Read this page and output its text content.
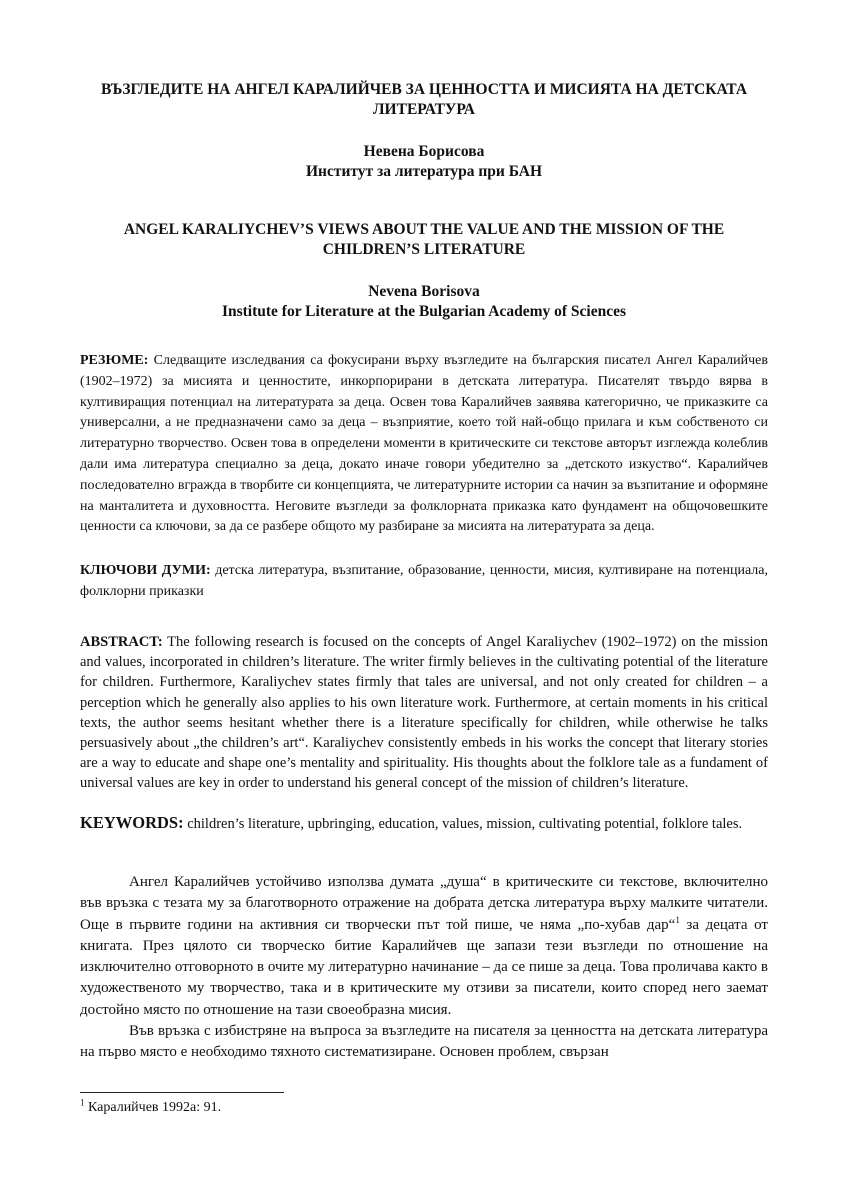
ВЪЗГЛЕДИТЕ НА АНГЕЛ КАРАЛИЙЧЕВ ЗА ЦЕННОСТТА И МИСИЯТА НА ДЕТСКАТА ЛИТЕРАТУРА
Невена Борисова
Институт за литература при БАН
ANGEL KARALIYCHEV’S VIEWS ABOUT THE VALUE AND THE MISSION OF THE CHILDREN’S LITERATURE
Nevena Borisova
Institute for Literature at the Bulgarian Academy of Sciences
РЕЗЮМЕ: Следващите изследвания са фокусирани върху възгледите на българския писател Ангел Каралийчев (1902–1972) за мисията и ценностите, инкорпорирани в детската литература. Писателят твърдо вярва в култивиращия потенциал на литературата за деца. Освен това Каралийчев заявява категорично, че приказките са универсални, а не предназначени само за деца – възприятие, което той най-общо прилага и към собственото си литературно творчество. Освен това в определени моменти в критическите си текстове авторът изглежда колеблив дали има литература специално за деца, докато иначе говори убедително за „детското изкуство“. Каралийчев последователно вгражда в творбите си концепцията, че литературните истории са начин за възпитание и оформяне на манталитета и духовността. Неговите възгледи за фолклорната приказка като фундамент на общочовешките ценности са ключови, за да се разбере общото му разбиране за мисията на литературата за деца.
КЛЮЧОВИ ДУМИ: детска литература, възпитание, образование, ценности, мисия, култивиране на потенциала, фолклорни приказки
ABSTRACT: The following research is focused on the concepts of Angel Karaliychev (1902–1972) on the mission and values, incorporated in children’s literature. The writer firmly believes in the cultivating potential of the literature for children. Furthermore, Karaliychev states firmly that tales are universal, and not only created for children – a perception which he generally also applies to his own literature work. Furthermore, at certain moments in his critical texts, the author seems hesitant whether there is a literature specifically for children, while otherwise he talks persuasively about „the children’s art“. Karaliychev consistently embeds in his works the concept that literary stories are a way to educate and shape one’s mentality and spirituality. His thoughts about the folklore tale as a fundament of universal values are key in order to understand his general concept of the mission of children’s literature.
KEYWORDS: children’s literature, upbringing, education, values, mission, cultivating potential, folklore tales.

Ангел Каралийчев устойчиво използва думата „душа“ в критическите си текстове, включително във връзка с тезата му за благотворното отражение на добрата детска литература върху малките читатели. Още в първите години на активния си творчески път той пише, че няма „по-хубав дар“$^1$ за децата от книгата. През цялото си творческо битие Каралийчев ще запази тези възгледи по отношение на изключително отговорното в очите му литературно начинание – да се пише за деца. Това проличава както в художественото му творчество, така и в критическите му отзиви за писатели, които според него заемат достойно място по отношение на тази своеобразна мисия.

Във връзка с избистряне на въпроса за възгледите на писателя за ценността на детската литература на първо място е необходимо тяхното систематизиране. Основен проблем, свързан

$^1$ Каралийчев 1992а: 91.
